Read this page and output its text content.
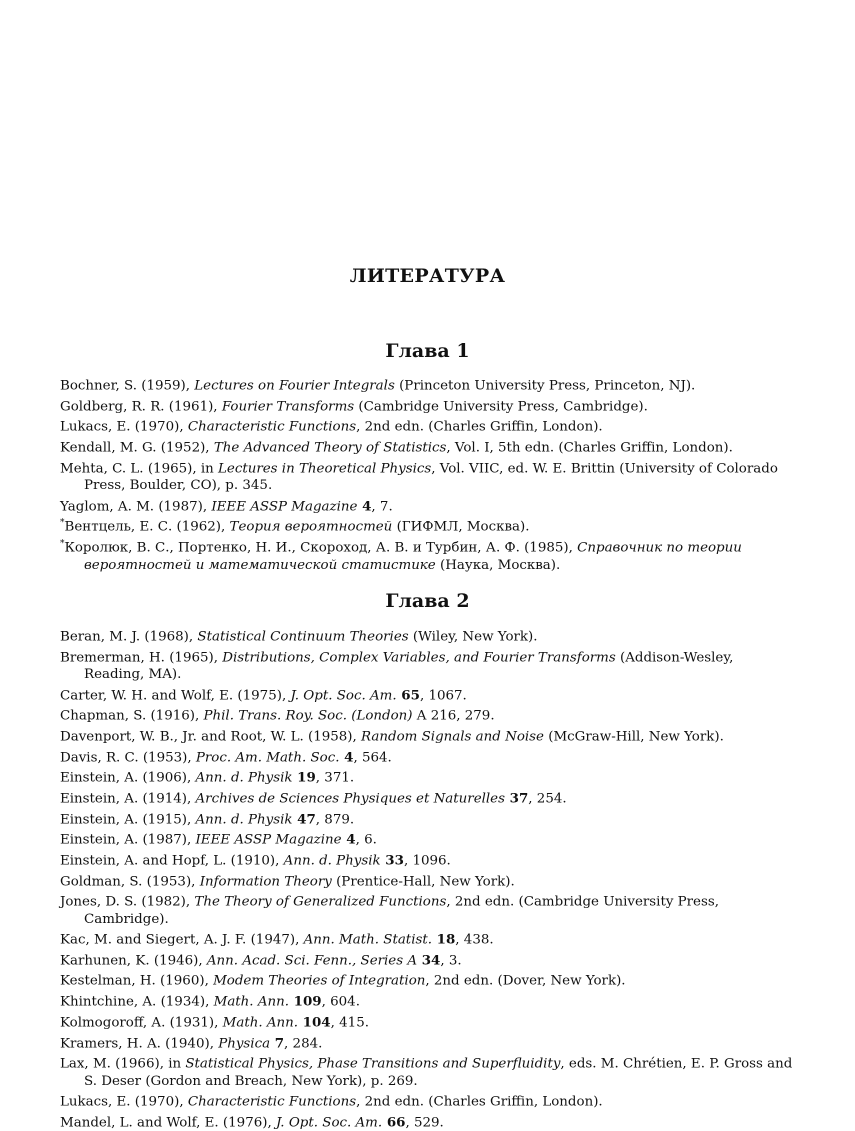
ЛИТЕРАТУРА
Глава 1

Bochner, S. (1959), Lectures on Fourier Integrals (Princeton University Press, Princeton, NJ).

Goldberg, R. R. (1961), Fourier Transforms (Cambridge University Press, Cambridge).

Lukacs, E. (1970), Characteristic Functions, 2nd edn. (Charles Griffin, London).

Kendall, M. G. (1952), The Advanced Theory of Statistics, Vol. I, 5th edn. (Charles Griffin, London).

Mehta, C. L. (1965), in Lectures in Theoretical Physics, Vol. VIIC, ed. W. E. Brittin (University of Colorado Press, Boulder, CO), p. 345.

Yaglom, A. M. (1987), IEEE ASSP Magazine 4, 7.

*Вентцель, Е. С. (1962), Теория вероятностей (ГИФМЛ, Москва).

*Королюк, В. С., Портенко, Н. И., Скороход, А. В. и Турбин, А. Ф. (1985), Справочник по теории вероятностей и математической статистике (Наука, Москва).

Глава 2

Beran, M. J. (1968), Statistical Continuum Theories (Wiley, New York).

Bremerman, H. (1965), Distributions, Complex Variables, and Fourier Transforms (Addison-Wesley, Reading, MA).

Carter, W. H. and Wolf, E. (1975), J. Opt. Soc. Am. 65, 1067.

Chapman, S. (1916), Phil. Trans. Roy. Soc. (London) A 216, 279.

Davenport, W. B., Jr. and Root, W. L. (1958), Random Signals and Noise (McGraw-Hill, New York).

Davis, R. C. (1953), Proc. Am. Math. Soc. 4, 564.

Einstein, A. (1906), Ann. d. Physik 19, 371.

Einstein, A. (1914), Archives de Sciences Physiques et Naturelles 37, 254.

Einstein, A. (1915), Ann. d. Physik 47, 879.

Einstein, A. (1987), IEEE ASSP Magazine 4, 6.

Einstein, A. and Hopf, L. (1910), Ann. d. Physik 33, 1096.

Goldman, S. (1953), Information Theory (Prentice-Hall, New York).

Jones, D. S. (1982), The Theory of Generalized Functions, 2nd edn. (Cambridge University Press, Cambridge).

Kac, M. and Siegert, A. J. F. (1947), Ann. Math. Statist. 18, 438.

Karhunen, K. (1946), Ann. Acad. Sci. Fenn., Series A 34, 3.

Kestelman, H. (1960), Modem Theories of Integration, 2nd edn. (Dover, New York).

Khintchine, A. (1934), Math. Ann. 109, 604.

Kolmogoroff, A. (1931), Math. Ann. 104, 415.

Kramers, H. A. (1940), Physica 7, 284.

Lax, M. (1966), in Statistical Physics, Phase Transitions and Superfluidity, eds. M. Chrétien, E. P. Gross and S. Deser (Gordon and Breach, New York), p. 269.

Lukacs, E. (1970), Characteristic Functions, 2nd edn. (Charles Griffin, London).

Mandel, L. and Wolf, E. (1976), J. Opt. Soc. Am. 66, 529.
